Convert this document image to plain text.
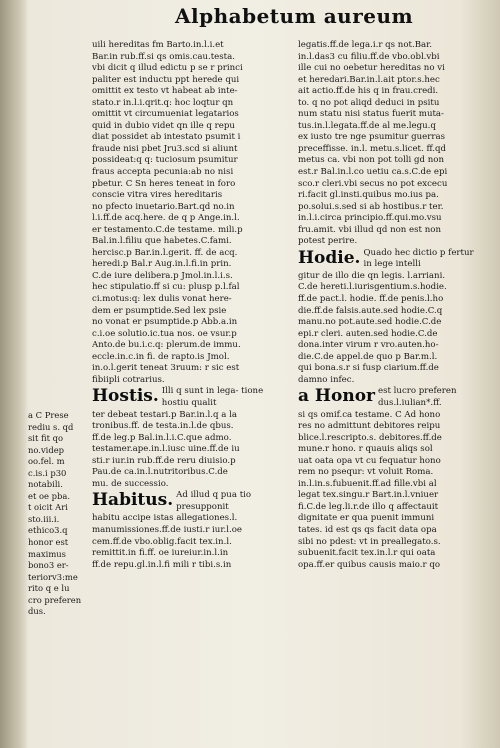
Alphabetum aureum
a C Prese
rediu s. qd
sit fit qo
no.videp
oo.fel. m
c.is.i p30
notabili.
et oe pba.
t oicit Ari
sto.iii.i.
ethico3.q
honor est
maximus
bono3 er-
teriorv3:me
rito q e lu
cro preferen
dus.
uili hereditas fm Barto.in.l.i.et
Bar.in rub.ff.si qs omis.cau.testa.
vbi dicit q illud edictu p se r princi
paliter est inductu ppt herede qui
omittit ex testo vt habeat ab inte-
stato.r in.l.i.qrit.q: hoc loqtur qn
omittit vt circumueniat legatarios
quid in dubio videt qn ille q repu
diat possidet ab intestato psumit i
fraude nisi pbet Jru3.scd si aliunt
possideat:q q: tuciosum psumitur
fraus accepta pecunia:ab no nisi
pbetur. C Sn heres teneat in foro
conscie vitra vires hereditaris
no pfecto inuetario.Bart.qd no.in
l.i.ff.de acq.here. de q p Ange.in.l.
er testamento.C.de testame. mili.p
Bal.in.l.filiu que habetes.C.fami.
hercisc.p Bar.in.l.gerit. ff. de acq.
heredi.p Bal.r Aug.in.l.fi.in prin.
C.de iure delibera.p Jmol.in.l.i.s.
hec stipulatio.ff si cu: plusp p.l.fal
ci.motus:q: lex dulis vonat here-
dem er psumptide.Sed lex psie
no vonat er psumptide.p Abb.a.in
c.i.oe solutio.ic.tua nos. oe vsur.p
Anto.de bu.i.c.q: plerum.de immu.
eccle.in.c.in fi. de rapto.is Jmol.
in.o.l.gerit teneat 3ruum: r sic est
fibiipli cotrarius.
Hostis. Illi q sunt in lega- tione hostiu qualit
ter debeat testari.p Bar.in.l.q a la
tronibus.ff. de testa.in.l.de qbus.
ff.de leg.p Bal.in.l.i.C.que admo.
testamer.ape.in.l.iusc uine.ff.de iu
sti.r iur.in rub.ff.de reru diuisio.p
Pau.de ca.in.l.nutritoribus.C.de
mu. de successio.
Habitus. Ad illud q pua tio presupponit
habitu accipe istas allegationes.l.
manumissiones.ff.de iusti.r iur.l.oe
cem.ff.de vbo.oblig.facit tex.in.l.
remittit.in fi.ff. oe iureiur.in.l.in
ff.de repu.gl.in.l.fi mili r tibi.s.in
legatis.ff.de lega.i.r qs not.Bar.
in.l.das3 cu filiu.ff.de vbo.obl.vbi
ille cui no oebetur hereditas no vi
et heredari.Bar.in.l.ait ptor.s.hec
ait actio.ff.de his q in frau.credi.
to. q no pot aliqd deduci in psitu
num statu nisi status fuerit muta-
tus.in.l.legata.ff.de al me.legu.q
ex iusto tre nge psumitur guerras
preceffisse. in.l. metu.s.licet. ff.qd
metus ca. vbi non pot tolli gd non
est.r Bal.in.l.co uetiu ca.s.C.de epi
sco.r cleri.vbi secus no pot excecu
ri.facit gl.insti.quibus mo.ius pa.
po.solui.s.sed si ab hostibus.r ter.
in.l.i.circa principio.ff.qui.mo.vsu
fru.amit. vbi illud qd non est non
potest perire.
Hodie. Quado hec dictio p fertur in lege intelli
gitur de illo die qn legis. l.arriani.
C.de hereti.l.iurisgentium.s.hodie.
ff.de pact.l. hodie. ff.de penis.l.ho
die.ff.de falsis.aute.sed hodie.C.q
manu.no pot.aute.sed hodie.C.de
epi.r cleri. auten.sed hodie.C.de
dona.inter virum r vro.auten.ho-
die.C.de appel.de quo p Bar.m.l.
qui bona.s.r si fusp ciarium.ff.de
damno infec.
a Honor est lucro preferen dus.l.iulian*.ff.
si qs omif.ca testame. C Ad hono
res no admittunt debitores reipu
blice.l.rescripto.s. debitores.ff.de
mune.r hono. r quauis aliqs sol
uat oata opa vt cu fequatur hono
rem no psequr: vt voluit Roma.
in.l.in.s.fubuenit.ff.ad fille.vbi al
legat tex.singu.r Bart.in.l.vniuer
fi.C.de leg.li.r.de illo q affectauit
dignitate er qua puenit immuni
tates. id est qs qs facit data opa
sibi no pdest: vt in preallegato.s.
subuenit.facit tex.in.l.r qui oata
opa.ff.er quibus causis maio.r qo
